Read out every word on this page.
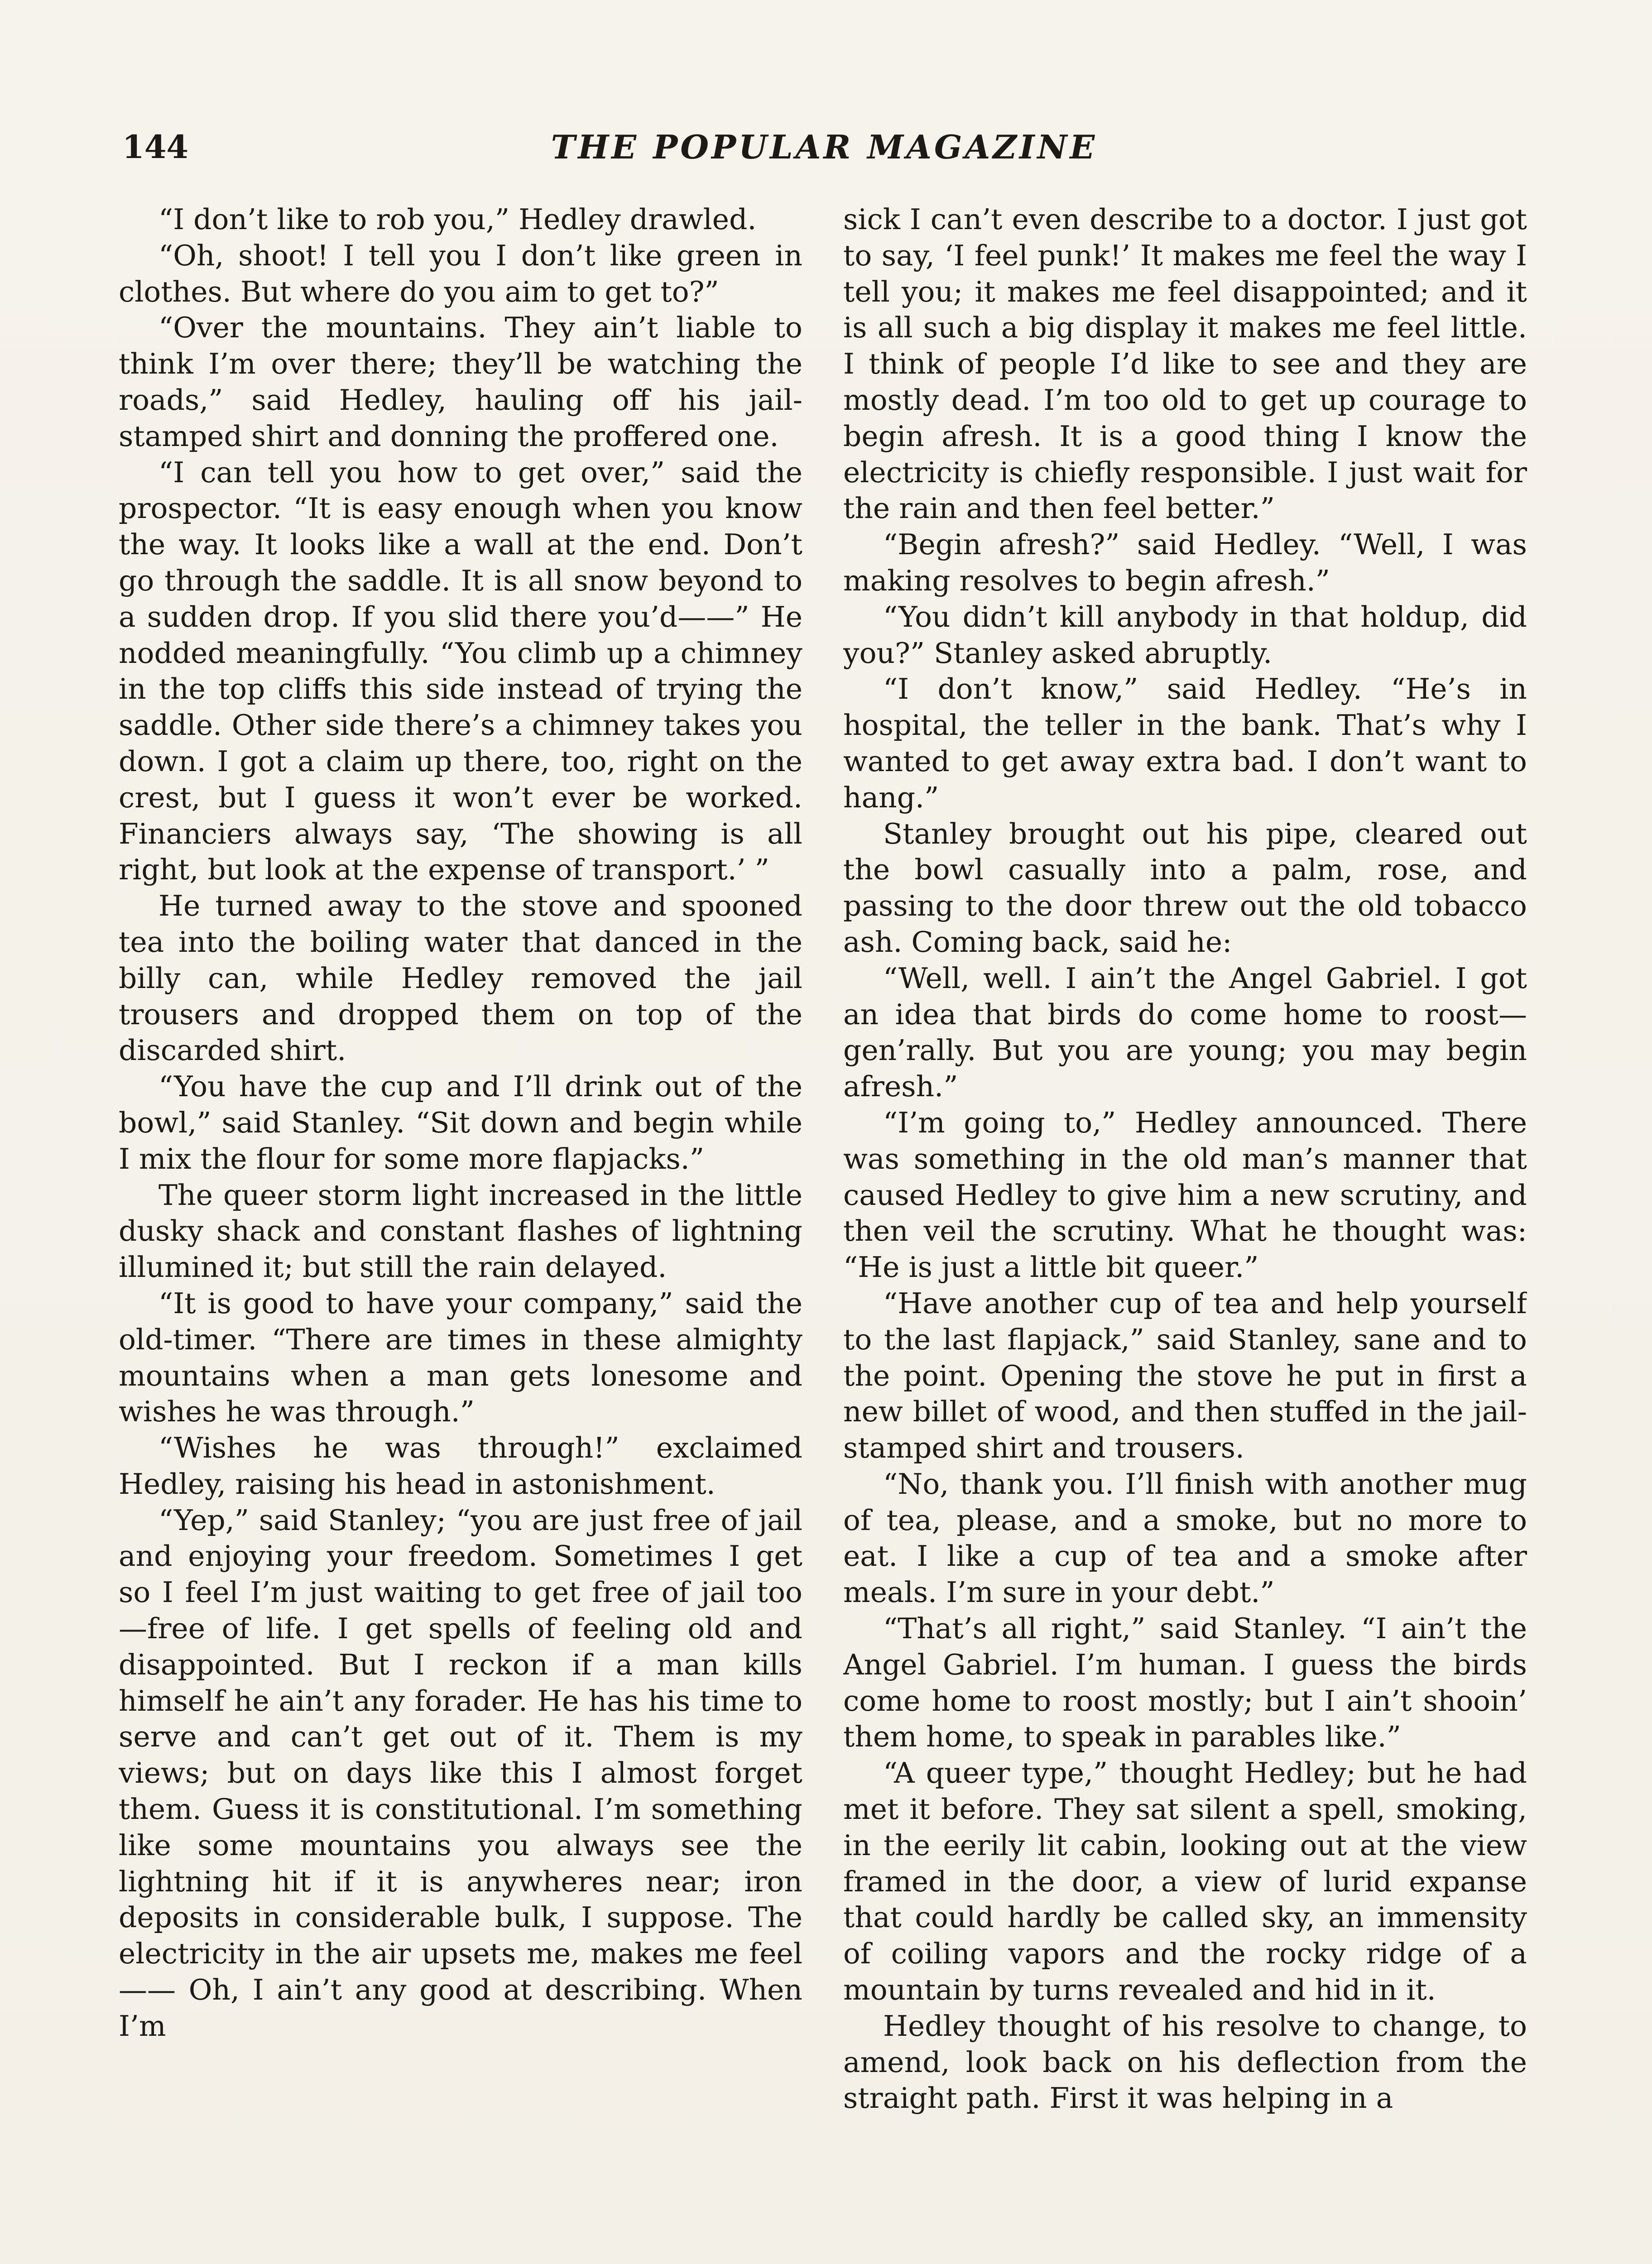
144	THE POPULAR MAGAZINE

“I don’t like to rob you,” Hedley drawled.

“Oh, shoot! I tell you I don’t like green in clothes. But where do you aim to get to?”

“Over the mountains. They ain’t liable to think I’m over there; they’ll be watching the roads,” said Hedley, hauling off his jail-stamped shirt and donning the proffered one.

“I can tell you how to get over,” said the prospector. “It is easy enough when you know the way. It looks like a wall at the end. Don’t go through the saddle. It is all snow beyond to a sudden drop. If you slid there you’d——” He nodded meaningfully. “You climb up a chimney in the top cliffs this side instead of trying the saddle. Other side there’s a chimney takes you down. I got a claim up there, too, right on the crest, but I guess it won’t ever be worked. Financiers always say, ‘The showing is all right, but look at the expense of transport.’ ”

He turned away to the stove and spooned tea into the boiling water that danced in the billy can, while Hedley removed the jail trousers and dropped them on top of the discarded shirt.

“You have the cup and I’ll drink out of the bowl,” said Stanley. “Sit down and begin while I mix the flour for some more flapjacks.”

The queer storm light increased in the little dusky shack and constant flashes of lightning illumined it; but still the rain delayed.

“It is good to have your company,” said the old-timer. “There are times in these almighty mountains when a man gets lonesome and wishes he was through.”

“Wishes he was through!” exclaimed Hedley, raising his head in astonishment.

“Yep,” said Stanley; “you are just free of jail and enjoying your freedom. Sometimes I get so I feel I’m just waiting to get free of jail too—free of life. I get spells of feeling old and disappointed. But I reckon if a man kills himself he ain’t any forader. He has his time to serve and can’t get out of it. Them is my views; but on days like this I almost forget them. Guess it is constitutional. I’m something like some mountains you always see the lightning hit if it is anywheres near; iron deposits in considerable bulk, I suppose. The electricity in the air upsets me, makes me feel—— Oh, I ain’t any good at describing. When I’m

sick I can’t even describe to a doctor. I just got to say, ‘I feel punk!’ It makes me feel the way I tell you; it makes me feel disappointed; and it is all such a big display it makes me feel little. I think of people I’d like to see and they are mostly dead. I’m too old to get up courage to begin afresh. It is a good thing I know the electricity is chiefly responsible. I just wait for the rain and then feel better.”

“Begin afresh?” said Hedley. “Well, I was making resolves to begin afresh.”

“You didn’t kill anybody in that holdup, did you?” Stanley asked abruptly.

“I don’t know,” said Hedley. “He’s in hospital, the teller in the bank. That’s why I wanted to get away extra bad. I don’t want to hang.”

Stanley brought out his pipe, cleared out the bowl casually into a palm, rose, and passing to the door threw out the old tobacco ash. Coming back, said he:

“Well, well. I ain’t the Angel Gabriel. I got an idea that birds do come home to roost—gen’rally. But you are young; you may begin afresh.”

“I’m going to,” Hedley announced. There was something in the old man’s manner that caused Hedley to give him a new scrutiny, and then veil the scrutiny. What he thought was: “He is just a little bit queer.”

“Have another cup of tea and help yourself to the last flapjack,” said Stanley, sane and to the point. Opening the stove he put in first a new billet of wood, and then stuffed in the jail-stamped shirt and trousers.

“No, thank you. I’ll finish with another mug of tea, please, and a smoke, but no more to eat. I like a cup of tea and a smoke after meals. I’m sure in your debt.”

“That’s all right,” said Stanley. “I ain’t the Angel Gabriel. I’m human. I guess the birds come home to roost mostly; but I ain’t shooin’ them home, to speak in parables like.”

“A queer type,” thought Hedley; but he had met it before. They sat silent a spell, smoking, in the eerily lit cabin, looking out at the view framed in the door, a view of lurid expanse that could hardly be called sky, an immensity of coiling vapors and the rocky ridge of a mountain by turns revealed and hid in it.

Hedley thought of his resolve to change, to amend, look back on his deflection from the straight path. First it was helping in a
